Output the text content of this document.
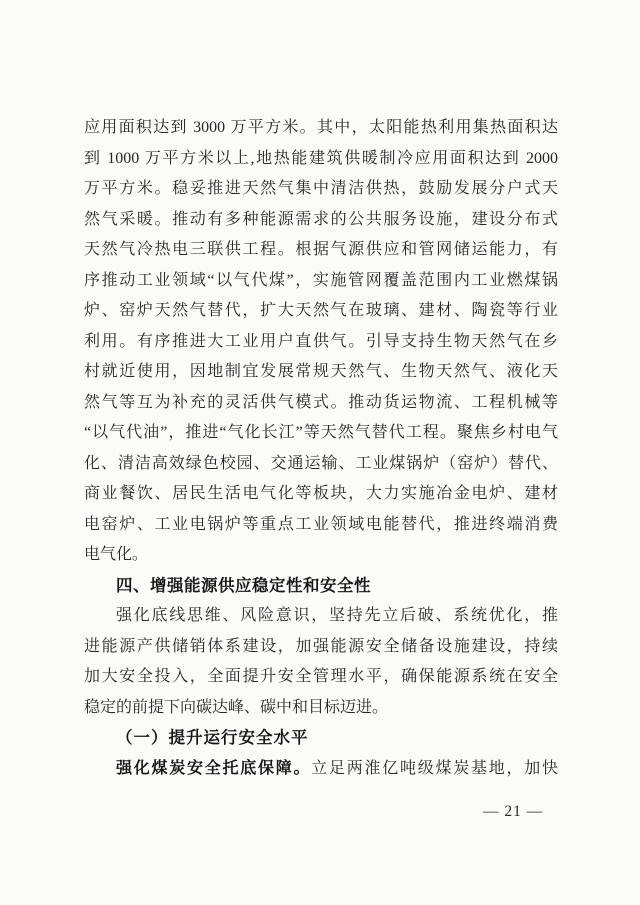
应用面积达到 3000 万平方米。其中，太阳能热利用集热面积达
到 1000 万平方米以上,地热能建筑供暖制冷应用面积达到 2000
万平方米。稳妥推进天然气集中清洁供热，鼓励发展分户式天
然气采暖。推动有多种能源需求的公共服务设施，建设分布式
天然气冷热电三联供工程。根据气源供应和管网储运能力，有
序推动工业领域“以气代煤”，实施管网覆盖范围内工业燃煤锅
炉、窑炉天然气替代，扩大天然气在玻璃、建材、陶瓷等行业
利用。有序推进大工业用户直供气。引导支持生物天然气在乡
村就近使用，因地制宜发展常规天然气、生物天然气、液化天
然气等互为补充的灵活供气模式。推动货运物流、工程机械等
“以气代油”，推进“气化长江”等天然气替代工程。聚焦乡村电气
化、清洁高效绿色校园、交通运输、工业煤锅炉（窑炉）替代、
商业餐饮、居民生活电气化等板块，大力实施冶金电炉、建材
电窑炉、工业电锅炉等重点工业领域电能替代，推进终端消费
电气化。
四、增强能源供应稳定性和安全性
强化底线思维、风险意识，坚持先立后破、系统优化，推
进能源产供储销体系建设，加强能源安全储备设施建设，持续
加大安全投入，全面提升安全管理水平，确保能源系统在安全
稳定的前提下向碳达峰、碳中和目标迈进。
（一）提升运行安全水平
强化煤炭安全托底保障。立足两淮亿吨级煤炭基地，加快
— 21 —
